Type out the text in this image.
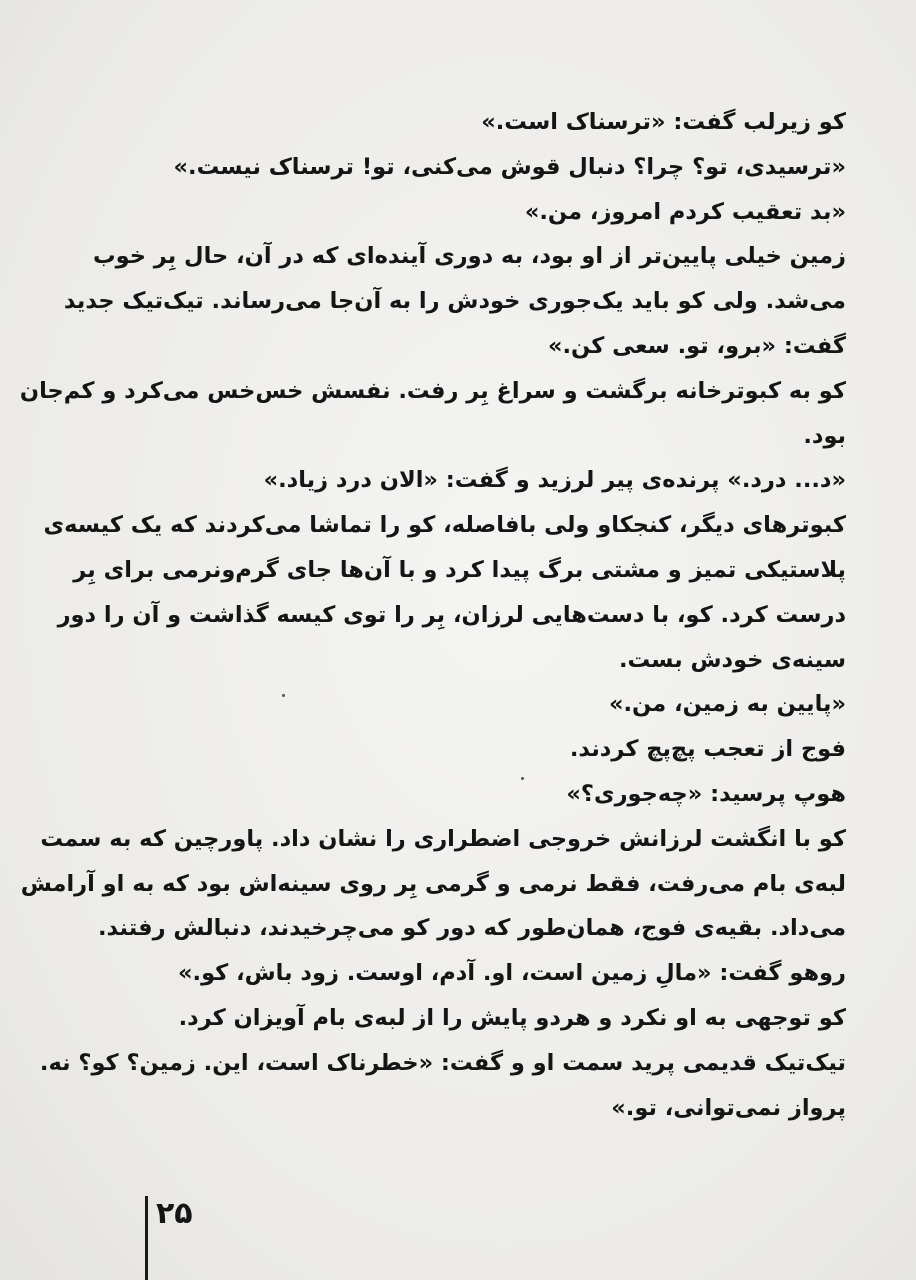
کو زیرلب گفت: «ترسناک است.»
«ترسیدی، تو؟ چرا؟ دنبال قوش می‌کنی، تو! ترسناک نیست.»
«بد تعقیب کردم امروز، من.»
زمین خیلی پایین‌تر از او بود، به دوری آینده‌ای که در آن، حال بِر خوب
می‌شد. ولی کو باید یک‌جوری خودش را به آن‌جا می‌رساند. تیک‌تیک جدید
گفت: «برو، تو. سعی کن.»
کو به کبوترخانه برگشت و سراغ بِر رفت. نفسش خس‌خس می‌کرد و کم‌جان
بود.
«د... درد.» پرنده‌ی پیر لرزید و گفت: «الان درد زیاد.»
کبوترهای دیگر، کنجکاو ولی بافاصله، کو را تماشا می‌کردند که یک کیسه‌ی
پلاستیکی تمیز و مشتی برگ پیدا کرد و با آن‌ها جای گرم‌ونرمی برای بِر
درست کرد. کو، با دست‌هایی لرزان، بِر را توی کیسه گذاشت و آن را دور
سینه‌ی خودش بست.
«پایین به زمین، من.»
فوج از تعجب پچ‌پچ کردند.
هوپ پرسید: «چه‌جوری؟»
کو با انگشت لرزانش خروجی اضطراری را نشان داد. پاورچین که به سمت
لبه‌ی بام می‌رفت، فقط نرمی و گرمی بِر روی سینه‌اش بود که به او آرامش
می‌داد. بقیه‌ی فوج، همان‌طور که دور کو می‌چرخیدند، دنبالش رفتند.
روهو گفت: «مالِ زمین است، او. آدم، اوست. زود باش، کو.»
کو توجهی به او نکرد و هردو پایش را از لبه‌ی بام آویزان کرد.
تیک‌تیک قدیمی پرید سمت او و گفت: «خطرناک است، این. زمین؟ کو؟ نه.
پرواز نمی‌توانی، تو.»
۲۵
